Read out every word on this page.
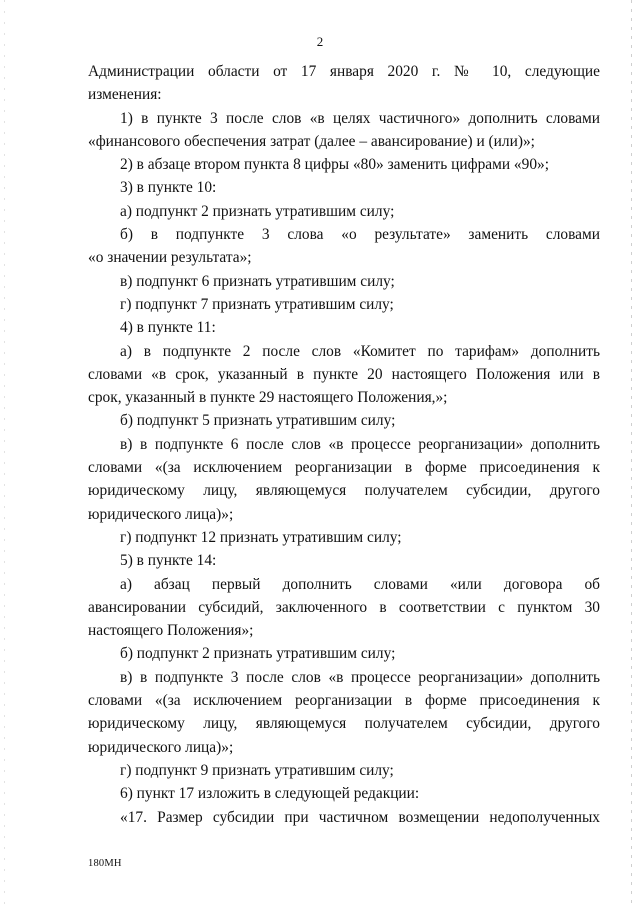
2

Администрации области от 17 января 2020 г. № 10, следующие

изменения:

1) в пункте 3 после слов «в целях частичного» дополнить словами

«финансового обеспечения затрат (далее – авансирование) и (или)»;

2) в абзаце втором пункта 8 цифры «80» заменить цифрами «90»;

3) в пункте 10:

а) подпункт 2 признать утратившим силу;

б) в подпункте 3 слова «о результате» заменить словами

«о значении результата»;

в) подпункт 6 признать утратившим силу;

г) подпункт 7 признать утратившим силу;

4) в пункте 11:

а) в подпункте 2 после слов «Комитет по тарифам» дополнить

словами «в срок, указанный в пункте 20 настоящего Положения или в

срок, указанный в пункте 29 настоящего Положения,»;

б) подпункт 5 признать утратившим силу;

в) в подпункте 6 после слов «в процессе реорганизации» дополнить

словами «(за исключением реорганизации в форме присоединения к

юридическому лицу, являющемуся получателем субсидии, другого

юридического лица)»;

г) подпункт 12 признать утратившим силу;

5) в пункте 14:

а) абзац первый дополнить словами «или договора об

авансировании субсидий, заключенного в соответствии с пунктом 30

настоящего Положения»;

б) подпункт 2 признать утратившим силу;

в) в подпункте 3 после слов «в процессе реорганизации» дополнить

словами «(за исключением реорганизации в форме присоединения к

юридическому лицу, являющемуся получателем субсидии, другого

юридического лица)»;

г) подпункт 9 признать утратившим силу;

6) пункт 17 изложить в следующей редакции:

«17. Размер субсидии при частичном возмещении недополученных

180МН
